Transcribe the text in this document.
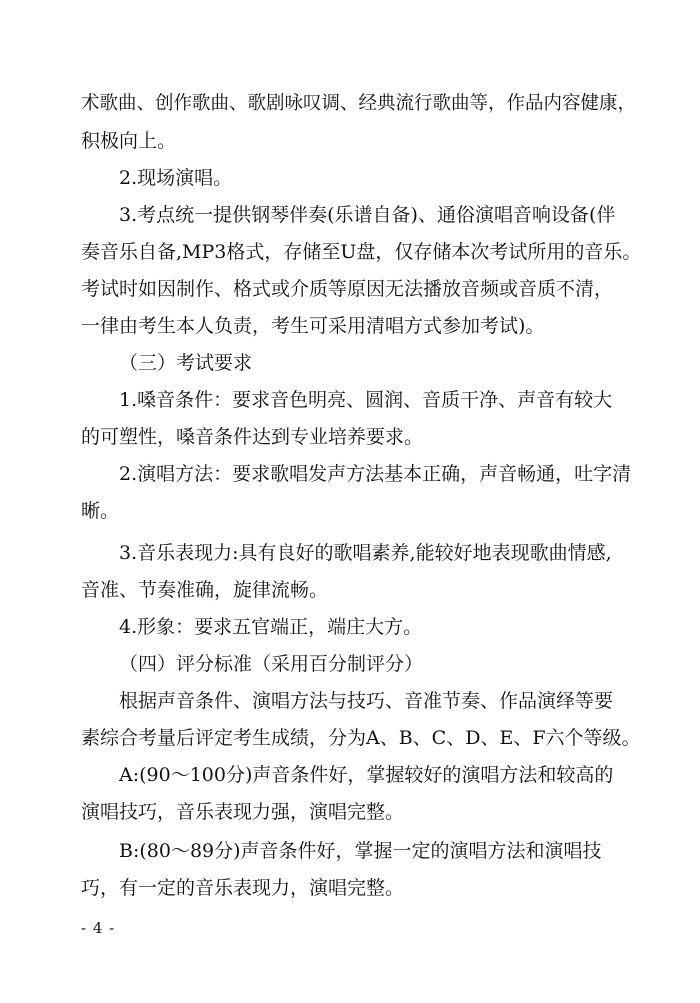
术歌曲、创作歌曲、歌剧咏叹调、经典流行歌曲等，作品内容健康，
积极向上。
2.现场演唱。
3.考点统一提供钢琴伴奏(乐谱自备)、通俗演唱音响设备(伴
奏音乐自备,MP3格式，存储至U盘，仅存储本次考试所用的音乐。
考试时如因制作、格式或介质等原因无法播放音频或音质不清，
一律由考生本人负责，考生可采用清唱方式参加考试)。
（三）考试要求
1.嗓音条件：要求音色明亮、圆润、音质干净、声音有较大
的可塑性，嗓音条件达到专业培养要求。
2.演唱方法：要求歌唱发声方法基本正确，声音畅通，吐字清
晰。
3.音乐表现力:具有良好的歌唱素养,能较好地表现歌曲情感,
音准、节奏准确，旋律流畅。
4.形象：要求五官端正，端庄大方。
（四）评分标准（采用百分制评分）
根据声音条件、演唱方法与技巧、音准节奏、作品演绎等要
素综合考量后评定考生成绩，分为A、B、C、D、E、F六个等级。
A:(90～100分)声音条件好，掌握较好的演唱方法和较高的
演唱技巧，音乐表现力强，演唱完整。
B:(80～89分)声音条件好，掌握一定的演唱方法和演唱技
巧，有一定的音乐表现力，演唱完整。
- 4 -
